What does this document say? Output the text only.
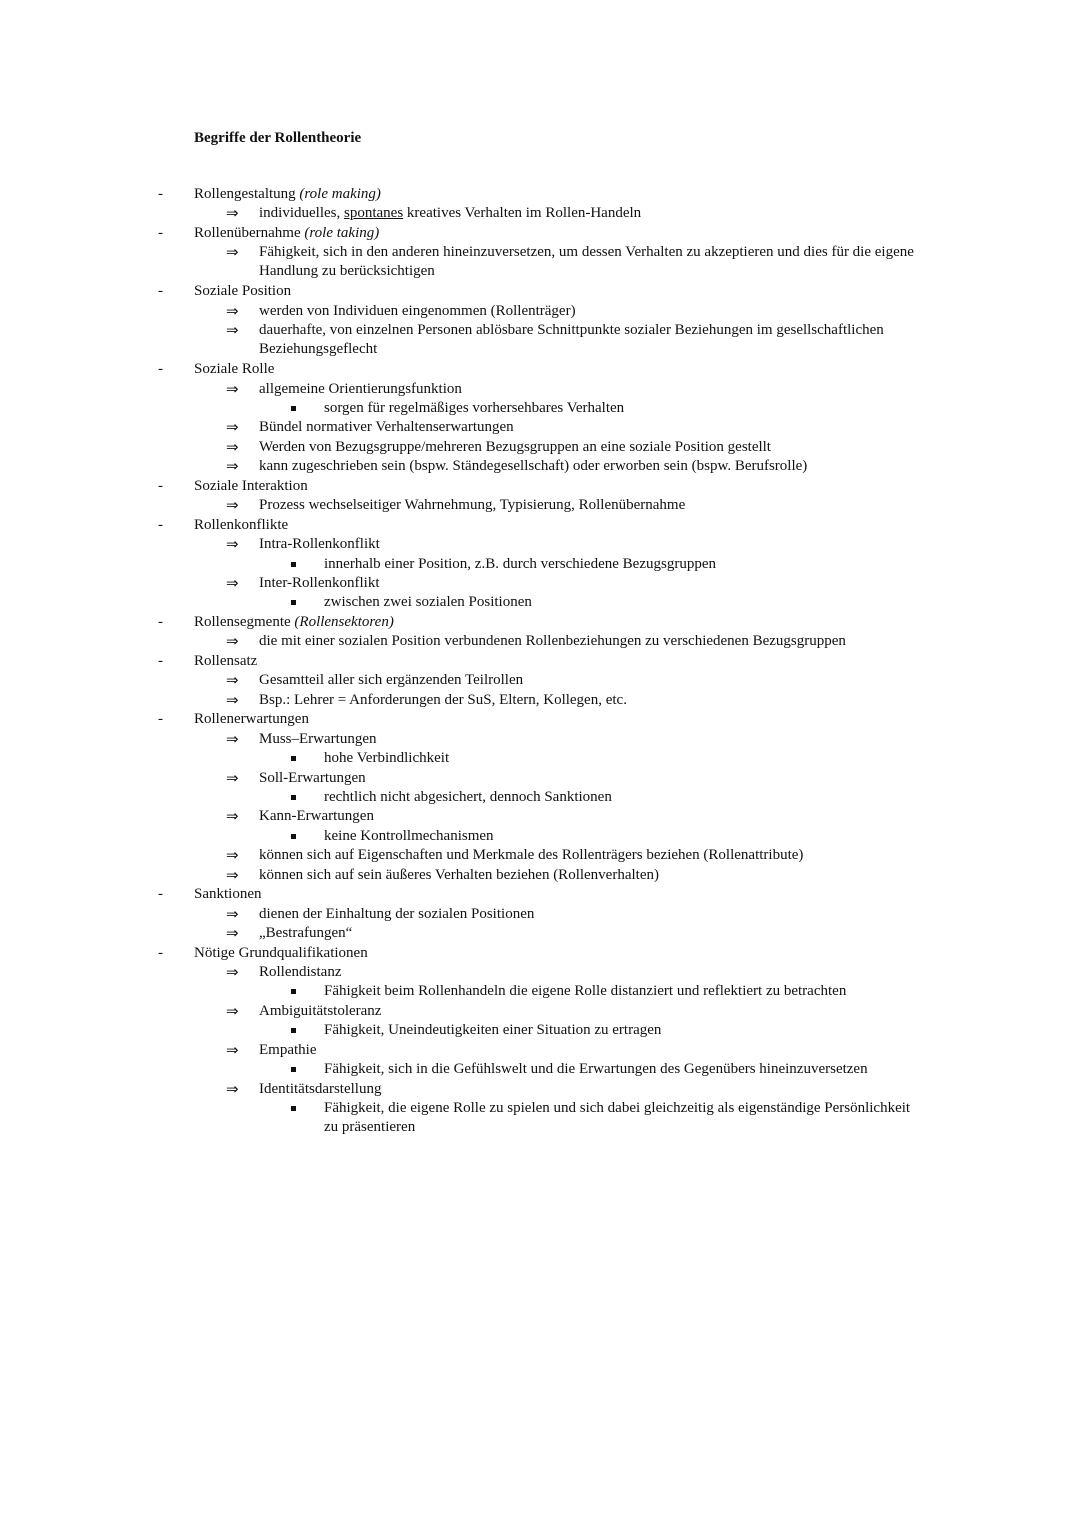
Begriffe der Rollentheorie
- Rollengestaltung (role making)
⇒ individuelles, spontanes kreatives Verhalten im Rollen-Handeln
- Rollenübernahme (role taking)
⇒ Fähigkeit, sich in den anderen hineinzuversetzen, um dessen Verhalten zu akzeptieren und dies für die eigene Handlung zu berücksichtigen
- Soziale Position
⇒ werden von Individuen eingenommen (Rollenträger)
⇒ dauerhafte, von einzelnen Personen ablösbare Schnittpunkte sozialer Beziehungen im gesellschaftlichen Beziehungsgeflecht
- Soziale Rolle
⇒ allgemeine Orientierungsfunktion
sorgen für regelmäßiges vorhersehbares Verhalten
⇒ Bündel normativer Verhaltenserwartungen
⇒ Werden von Bezugsgruppe/mehreren Bezugsgruppen an eine soziale Position gestellt
⇒ kann zugeschrieben sein (bspw. Ständegesellschaft) oder erworben sein (bspw. Berufsrolle)
- Soziale Interaktion
⇒ Prozess wechselseitiger Wahrnehmung, Typisierung, Rollenübernahme
- Rollenkonflikte
⇒ Intra-Rollenkonflikt
innerhalb einer Position, z.B. durch verschiedene Bezugsgruppen
⇒ Inter-Rollenkonflikt
zwischen zwei sozialen Positionen
- Rollensegmente (Rollensektoren)
⇒ die mit einer sozialen Position verbundenen Rollenbeziehungen zu verschiedenen Bezugsgruppen
- Rollensatz
⇒ Gesamtteil aller sich ergänzenden Teilrollen
⇒ Bsp.: Lehrer = Anforderungen der SuS, Eltern, Kollegen, etc.
- Rollenerwartungen
⇒ Muss–Erwartungen
hohe Verbindlichkeit
⇒ Soll-Erwartungen
rechtlich nicht abgesichert, dennoch Sanktionen
⇒ Kann-Erwartungen
keine Kontrollmechanismen
⇒ können sich auf Eigenschaften und Merkmale des Rollenträgers beziehen (Rollenattribute)
⇒ können sich auf sein äußeres Verhalten beziehen (Rollenverhalten)
- Sanktionen
⇒ dienen der Einhaltung der sozialen Positionen
⇒ „Bestrafungen“
- Nötige Grundqualifikationen
⇒ Rollendistanz
Fähigkeit beim Rollenhandeln die eigene Rolle distanziert und reflektiert zu betrachten
⇒ Ambiguitätstoleranz
Fähigkeit, Uneindeutigkeiten einer Situation zu ertragen
⇒ Empathie
Fähigkeit, sich in die Gefühlswelt und die Erwartungen des Gegenübers hineinzuversetzen
⇒ Identitätsdarstellung
Fähigkeit, die eigene Rolle zu spielen und sich dabei gleichzeitig als eigenständige Persönlichkeit zu präsentieren
